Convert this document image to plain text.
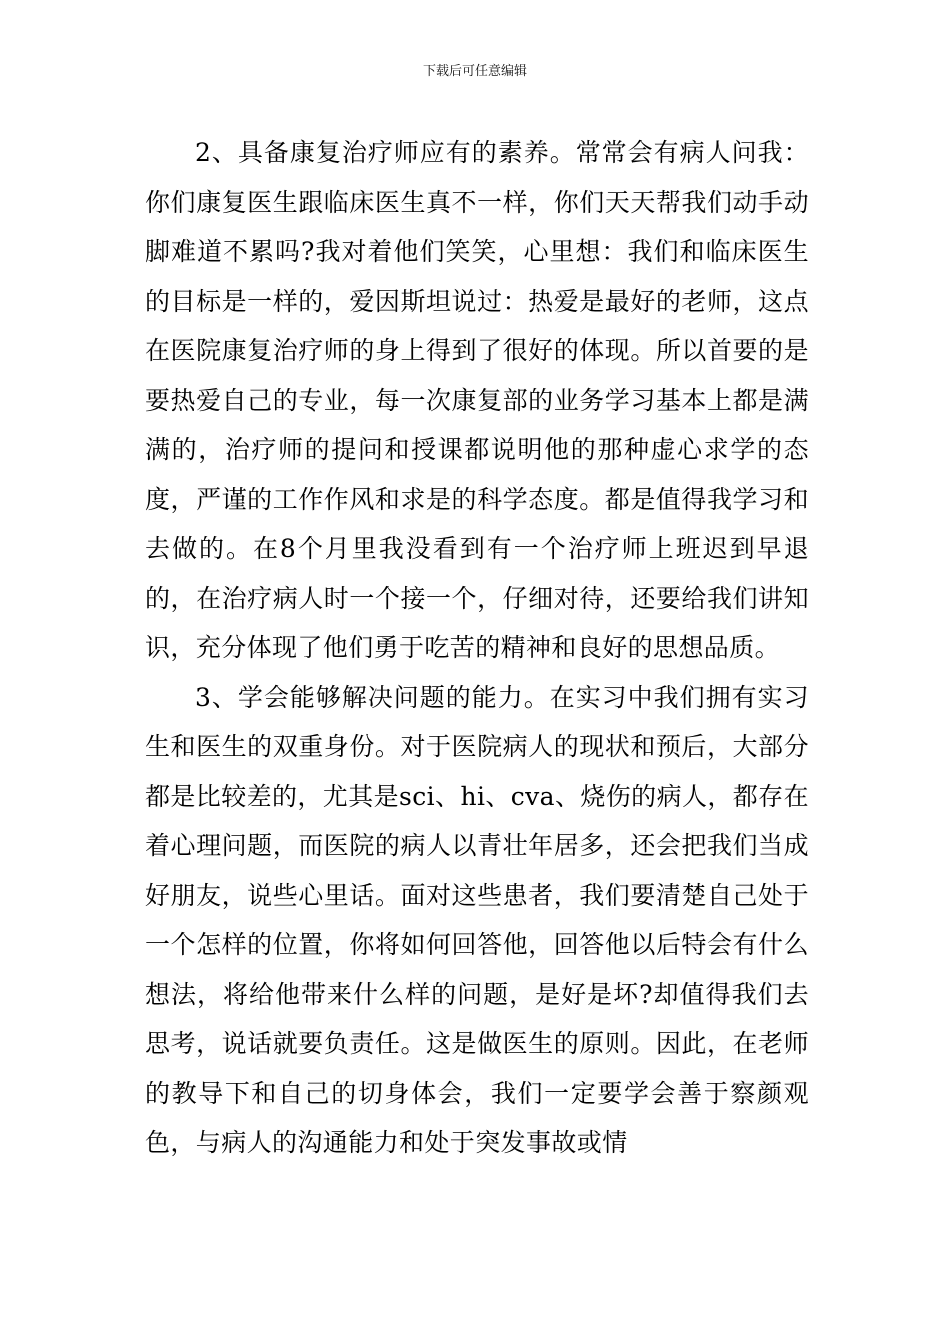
下载后可任意编辑

2、具备康复治疗师应有的素养。常常会有病人问我：你们康复医生跟临床医生真不一样，你们天天帮我们动手动脚难道不累吗?我对着他们笑笑，心里想：我们和临床医生的目标是一样的，爱因斯坦说过：热爱是最好的老师，这点在医院康复治疗师的身上得到了很好的体现。所以首要的是要热爱自己的专业，每一次康复部的业务学习基本上都是满满的，治疗师的提问和授课都说明他的那种虚心求学的态度，严谨的工作作风和求是的科学态度。都是值得我学习和去做的。在8个月里我没看到有一个治疗师上班迟到早退的，在治疗病人时一个接一个，仔细对待，还要给我们讲知识，充分体现了他们勇于吃苦的精神和良好的思想品质。

3、学会能够解决问题的能力。在实习中我们拥有实习生和医生的双重身份。对于医院病人的现状和预后，大部分都是比较差的，尤其是sci、hi、cva、烧伤的病人，都存在着心理问题，而医院的病人以青壮年居多，还会把我们当成好朋友，说些心里话。面对这些患者，我们要清楚自己处于一个怎样的位置，你将如何回答他，回答他以后特会有什么想法，将给他带来什么样的问题，是好是坏?却值得我们去思考，说话就要负责任。这是做医生的原则。因此，在老师的教导下和自己的切身体会，我们一定要学会善于察颜观色，与病人的沟通能力和处于突发事故或情
